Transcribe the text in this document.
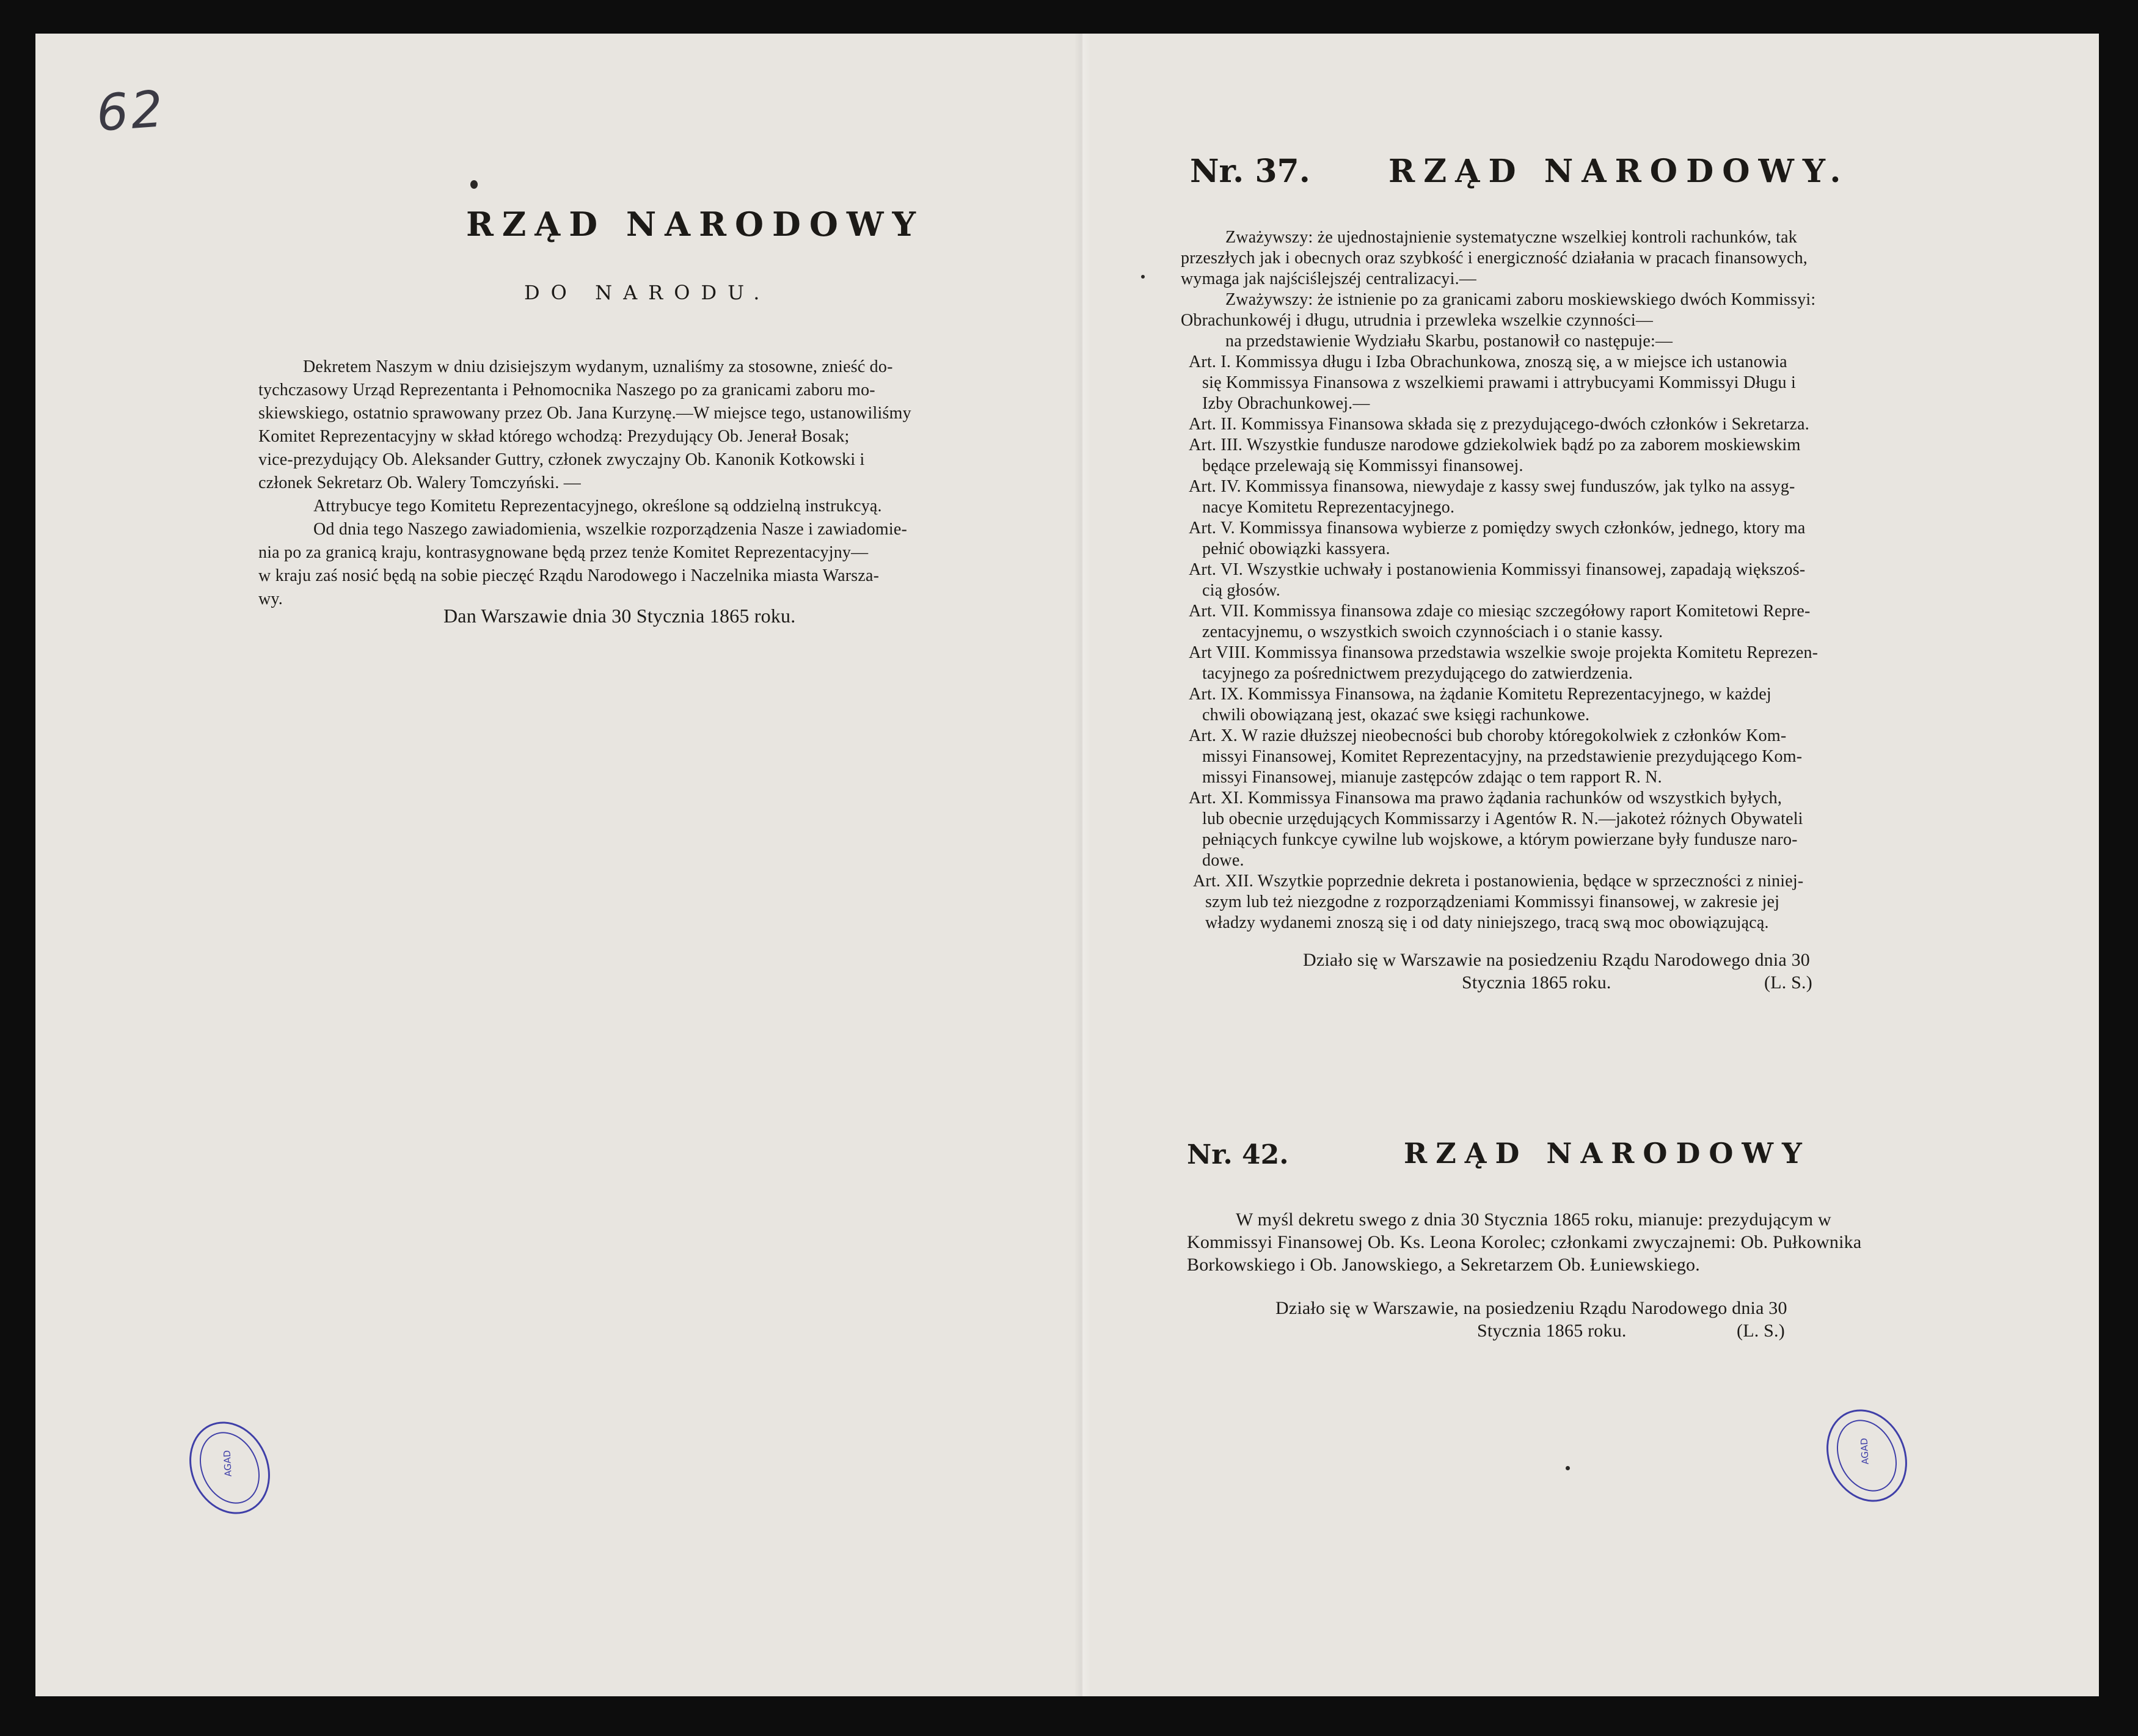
62
RZĄD NARODOWY
DO NARODU.
Dekretem Naszym w dniu dzisiejszym wydanym, uznaliśmy za stosowne, znieść do-
tychczasowy Urząd Reprezentanta i Pełnomocnika Naszego po za granicami zaboru mo-
skiewskiego, ostatnio sprawowany przez Ob. Jana Kurzynę.—W miejsce tego, ustanowiliśmy
Komitet Reprezentacyjny w skład którego wchodzą: Prezydujący Ob. Jenerał Bosak;
vice-prezydujący Ob. Aleksander Guttry, członek zwyczajny Ob. Kanonik Kotkowski i
członek Sekretarz Ob. Walery Tomczyński. —
Attrybucye tego Komitetu Reprezentacyjnego, określone są oddzielną instrukcyą.
Od dnia tego Naszego zawiadomienia, wszelkie rozporządzenia Nasze i zawiadomie-
nia po za granicą kraju, kontrasygnowane będą przez tenże Komitet Reprezentacyjny—
w kraju zaś nosić będą na sobie pieczęć Rządu Narodowego i Naczelnika miasta Warsza-
wy.
Dan Warszawie dnia 30 Stycznia 1865 roku.
Nr. 37. RZĄD NARODOWY.
Zważywszy: że ujednostajnienie systematyczne wszelkiej kontroli rachunków, tak
przeszłych jak i obecnych oraz szybkość i energiczność działania w pracach finansowych,
wymaga jak najściślejszéj centralizacyi.—
Zważywszy: że istnienie po za granicami zaboru moskiewskiego dwóch Kommissyi:
Obrachunkowéj i długu, utrudnia i przewleka wszelkie czynności—
na przedstawienie Wydziału Skarbu, postanowił co następuje:—
Art. I. Kommissya długu i Izba Obrachunkowa, znoszą się, a w miejsce ich ustanowia
się Kommissya Finansowa z wszelkiemi prawami i attrybucyami Kommissyi Długu i
Izby Obrachunkowej.—
Art. II. Kommissya Finansowa składa się z prezydującego-dwóch członków i Sekretarza.
Art. III. Wszystkie fundusze narodowe gdziekolwiek bądź po za zaborem moskiewskim
będące przelewają się Kommissyi finansowej.
Art. IV. Kommissya finansowa, niewydaje z kassy swej funduszów, jak tylko na assyg-
nacye Komitetu Reprezentacyjnego.
Art. V. Kommissya finansowa wybierze z pomiędzy swych członków, jednego, ktory ma
pełnić obowiązki kassyera.
Art. VI. Wszystkie uchwały i postanowienia Kommissyi finansowej, zapadają większoś-
cią głosów.
Art. VII. Kommissya finansowa zdaje co miesiąc szczegółowy raport Komitetowi Repre-
zentacyjnemu, o wszystkich swoich czynnościach i o stanie kassy.
Art VIII. Kommissya finansowa przedstawia wszelkie swoje projekta Komitetu Reprezen-
tacyjnego za pośrednictwem prezydującego do zatwierdzenia.
Art. IX. Kommissya Finansowa, na żądanie Komitetu Reprezentacyjnego, w każdej
chwili obowiązaną jest, okazać swe księgi rachunkowe.
Art. X. W razie dłuższej nieobecności bub choroby któregokolwiek z członków Kom-
missyi Finansowej, Komitet Reprezentacyjny, na przedstawienie prezydującego Kom-
missyi Finansowej, mianuje zastępców zdając o tem rapport R. N.
Art. XI. Kommissya Finansowa ma prawo żądania rachunków od wszystkich byłych,
lub obecnie urzędujących Kommissarzy i Agentów R. N.—jakoteż różnych Obywateli
pełniących funkcye cywilne lub wojskowe, a którym powierzane były fundusze naro-
dowe.
Art. XII. Wszytkie poprzednie dekreta i postanowienia, będące w sprzeczności z niniej-
szym lub też niezgodne z rozporządzeniami Kommissyi finansowej, w zakresie jej
władzy wydanemi znoszą się i od daty niniejszego, tracą swą moc obowiązującą.
Działo się w Warszawie na posiedzeniu Rządu Narodowego dnia 30
Stycznia 1865 roku.	(L. S.)
Nr. 42.	RZĄD NARODOWY
W myśl dekretu swego z dnia 30 Stycznia 1865 roku, mianuje: prezydującym w
Kommissyi Finansowej Ob. Ks. Leona Korolec; członkami zwyczajnemi: Ob. Pułkownika
Borkowskiego i Ob. Janowskiego, a Sekretarzem Ob. Łuniewskiego.
Działo się w Warszawie, na posiedzeniu Rządu Narodowego dnia 30
Stycznia 1865 roku.	(L. S.)
AGAD	AGAD
